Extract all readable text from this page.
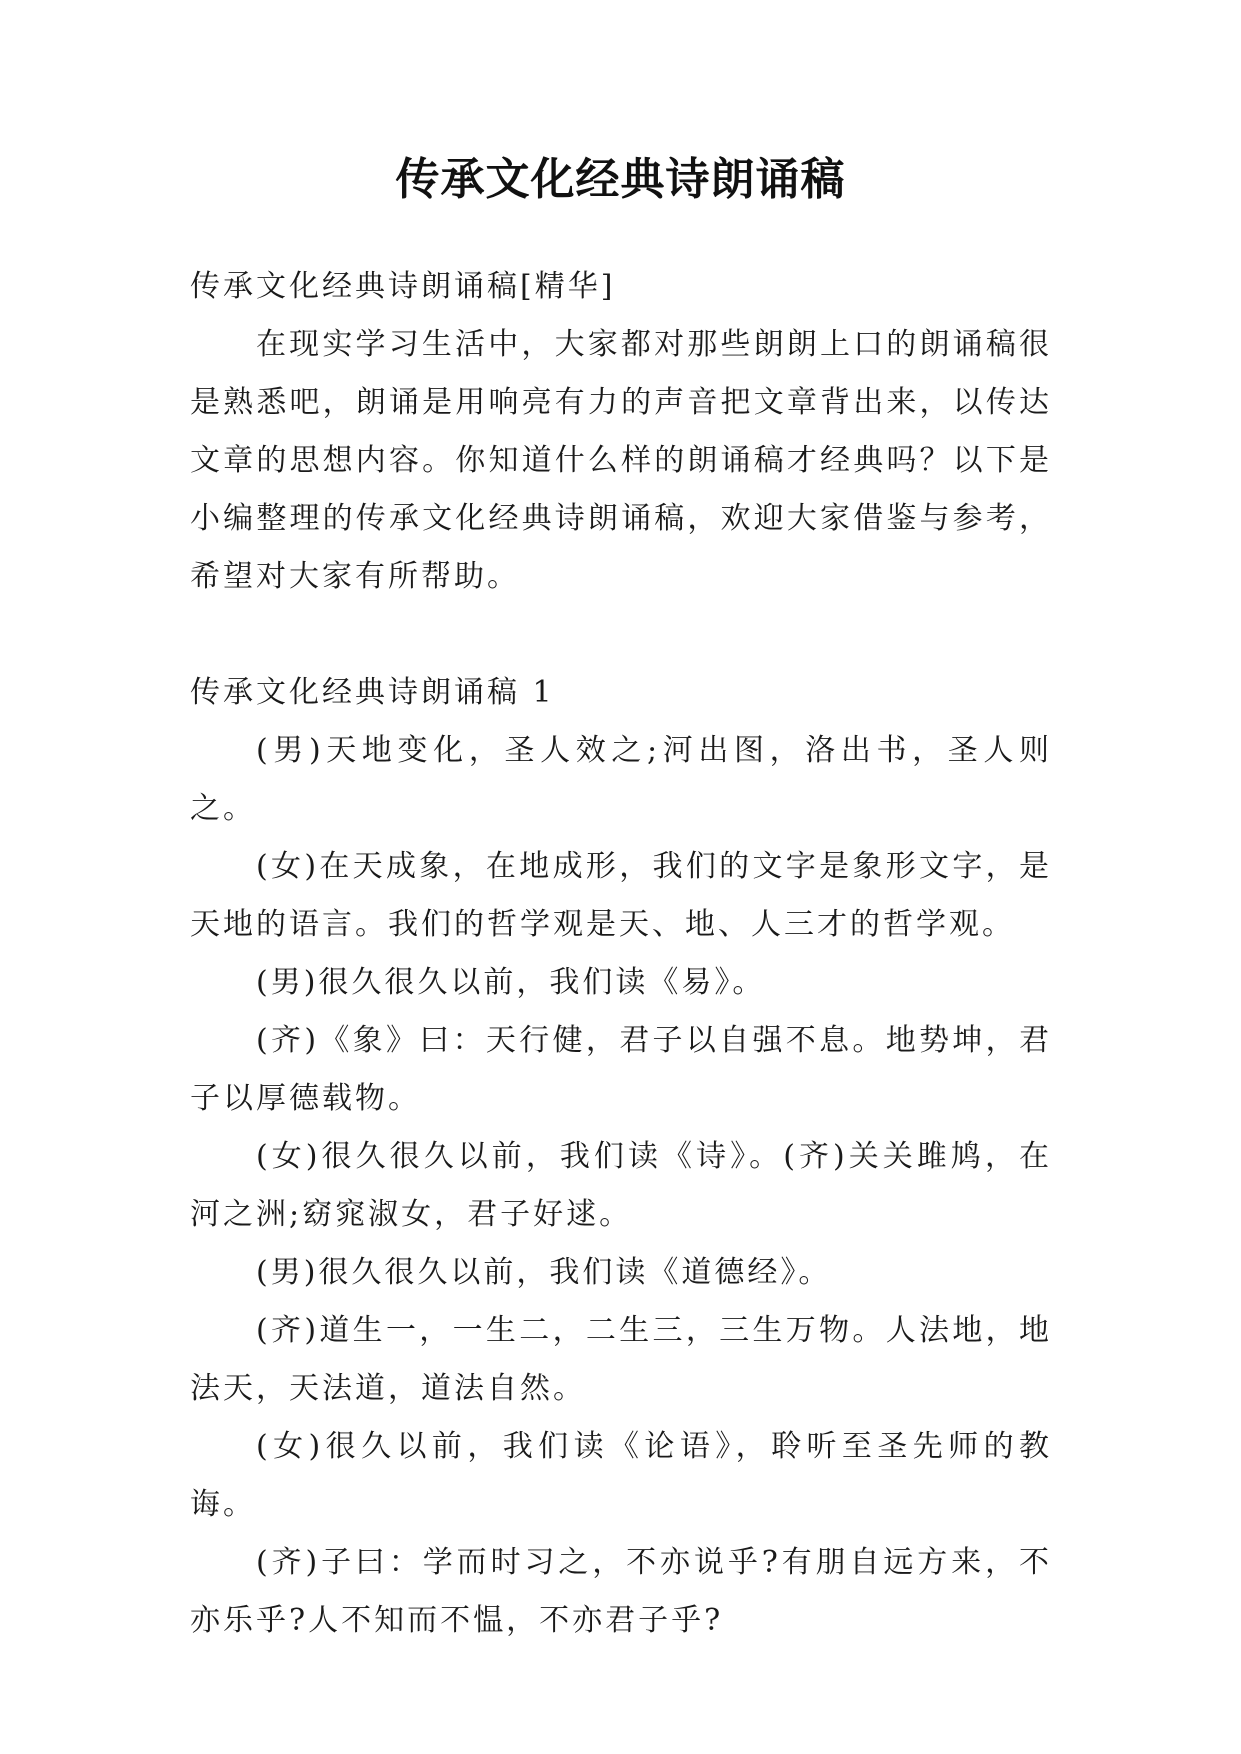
传承文化经典诗朗诵稿

传承文化经典诗朗诵稿[精华]

在现实学习生活中，大家都对那些朗朗上口的朗诵稿很是熟悉吧，朗诵是用响亮有力的声音把文章背出来，以传达文章的思想内容。你知道什么样的朗诵稿才经典吗？以下是小编整理的传承文化经典诗朗诵稿，欢迎大家借鉴与参考，希望对大家有所帮助。

传承文化经典诗朗诵稿 1

(男)天地变化，圣人效之;河出图，洛出书，圣人则之。

(女)在天成象，在地成形，我们的文字是象形文字，是天地的语言。我们的哲学观是天、地、人三才的哲学观。

(男)很久很久以前，我们读《易》。

(齐)《象》曰：天行健，君子以自强不息。地势坤，君子以厚德载物。

(女)很久很久以前，我们读《诗》。(齐)关关雎鸠，在河之洲;窈窕淑女，君子好逑。

(男)很久很久以前，我们读《道德经》。

(齐)道生一，一生二，二生三，三生万物。人法地，地法天，天法道，道法自然。

(女)很久以前，我们读《论语》，聆听至圣先师的教诲。

(齐)子曰：学而时习之，不亦说乎?有朋自远方来，不亦乐乎?人不知而不愠，不亦君子乎?
